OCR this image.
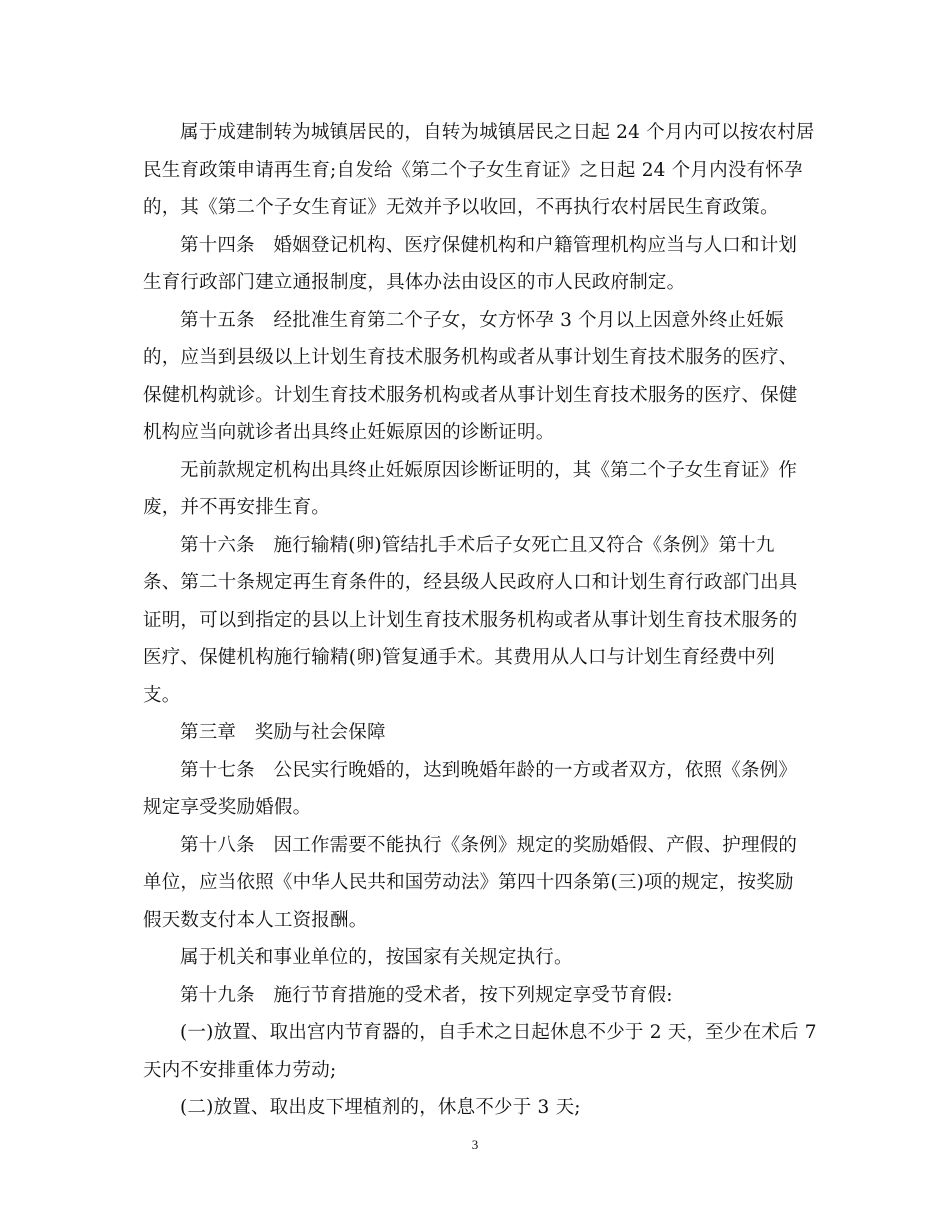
属于成建制转为城镇居民的，自转为城镇居民之日起 24 个月内可以按农村居
民生育政策申请再生育;自发给《第二个子女生育证》之日起 24 个月内没有怀孕
的，其《第二个子女生育证》无效并予以收回，不再执行农村居民生育政策。
第十四条　婚姻登记机构、医疗保健机构和户籍管理机构应当与人口和计划
生育行政部门建立通报制度，具体办法由设区的市人民政府制定。
第十五条　经批准生育第二个子女，女方怀孕 3 个月以上因意外终止妊娠
的，应当到县级以上计划生育技术服务机构或者从事计划生育技术服务的医疗、
保健机构就诊。计划生育技术服务机构或者从事计划生育技术服务的医疗、保健
机构应当向就诊者出具终止妊娠原因的诊断证明。
无前款规定机构出具终止妊娠原因诊断证明的，其《第二个子女生育证》作
废，并不再安排生育。
第十六条　施行输精(卵)管结扎手术后子女死亡且又符合《条例》第十九
条、第二十条规定再生育条件的，经县级人民政府人口和计划生育行政部门出具
证明，可以到指定的县以上计划生育技术服务机构或者从事计划生育技术服务的
医疗、保健机构施行输精(卵)管复通手术。其费用从人口与计划生育经费中列
支。
第三章　奖励与社会保障
第十七条　公民实行晚婚的，达到晚婚年龄的一方或者双方，依照《条例》
规定享受奖励婚假。
第十八条　因工作需要不能执行《条例》规定的奖励婚假、产假、护理假的
单位，应当依照《中华人民共和国劳动法》第四十四条第(三)项的规定，按奖励
假天数支付本人工资报酬。
属于机关和事业单位的，按国家有关规定执行。
第十九条　施行节育措施的受术者，按下列规定享受节育假:
(一)放置、取出宫内节育器的，自手术之日起休息不少于 2 天，至少在术后 7
天内不安排重体力劳动;
(二)放置、取出皮下埋植剂的，休息不少于 3 天;
3
